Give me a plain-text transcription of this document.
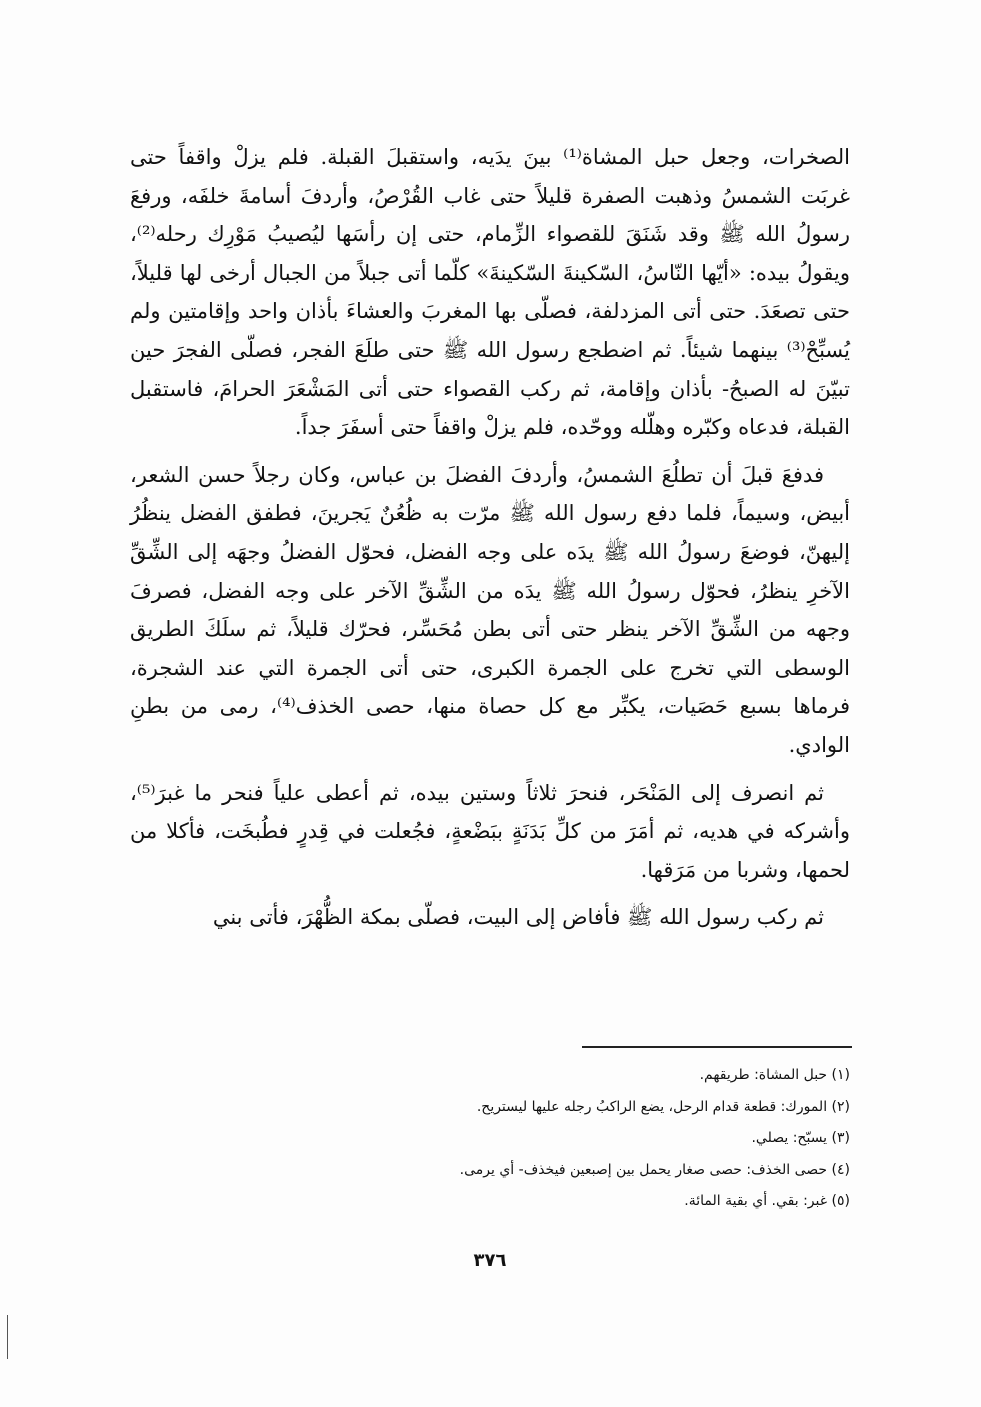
الصخرات، وجعل حبل المشاة⁽¹⁾ بينَ يدَيه، واستقبلَ القبلة. فلم يزلْ واقفاً حتى غربَت الشمسُ وذهبت الصفرة قليلاً حتى غاب القُرْصُ، وأردفَ أسامةَ خلفَه، ورفعَ رسولُ الله ﷺ وقد شَنَقَ للقصواء الزِّمام، حتى إن رأسَها ليُصيبُ مَوْرِك رحله⁽²⁾، ويقولُ بيده: «أيّها النّاسُ، السّكينةَ السّكينةَ» كلّما أتى جبلاً من الجبال أرخى لها قليلاً، حتى تصعَدَ. حتى أتى المزدلفة، فصلّى بها المغربَ والعشاءَ بأذان واحد وإقامتين ولم يُسبِّحْ⁽³⁾ بينهما شيئاً. ثم اضطجع رسول الله ﷺ حتى طلَعَ الفجر، فصلّى الفجرَ حين تبيّنَ له الصبحُ- بأذان وإقامة، ثم ركب القصواء حتى أتى المَشْعَرَ الحرامَ، فاستقبل القبلة، فدعاه وكبّره وهلّله ووحّده، فلم يزلْ واقفاً حتى أسفَرَ جداً.

فدفعَ قبلَ أن تطلُعَ الشمسُ، وأردفَ الفضلَ بن عباس، وكان رجلاً حسن الشعر، أبيض، وسيماً، فلما دفع رسول الله ﷺ مرّت به ظُعُنٌ يَجرينَ، فطفق الفضل ينظُرُ إليهنّ، فوضعَ رسولُ الله ﷺ يدَه على وجه الفضل، فحوّل الفضلُ وجهَه إلى الشِّقِّ الآخرِ ينظرُ، فحوّل رسولُ الله ﷺ يدَه من الشِّقِّ الآخر على وجه الفضل، فصرفَ وجهه من الشِّقِّ الآخر ينظر حتى أتى بطن مُحَسِّر، فحرّك قليلاً، ثم سلَكَ الطريق الوسطى التي تخرج على الجمرة الكبرى، حتى أتى الجمرة التي عند الشجرة، فرماها بسبع حَصَيات، يكبِّر مع كل حصاة منها، حصى الخذف⁽⁴⁾، رمى من بطنِ الوادي.

ثم انصرف إلى المَنْحَر، فنحرَ ثلاثاً وستين بيده، ثم أعطى علياً فنحر ما غبرَ⁽⁵⁾، وأشركه في هديه، ثم أمَرَ من كلِّ بَدَنَةٍ ببَضْعةٍ، فجُعلت في قِدرٍ فطُبخَت، فأكلا من لحمها، وشربا من مَرَقها.

ثم ركب رسول الله ﷺ فأفاض إلى البيت، فصلّى بمكة الظُّهْرَ، فأتى بني

(١) حبل المشاة: طريقهم.
(٢) المورك: قطعة قدام الرحل، يضع الراكبُ رجله عليها ليستريح.
(٣) يسبّح: يصلي.
(٤) حصى الخذف: حصى صغار يحمل بين إصبعين فيخذف- أي يرمى.
(٥) غبر: بقي. أي بقية المائة.
٣٧٦
